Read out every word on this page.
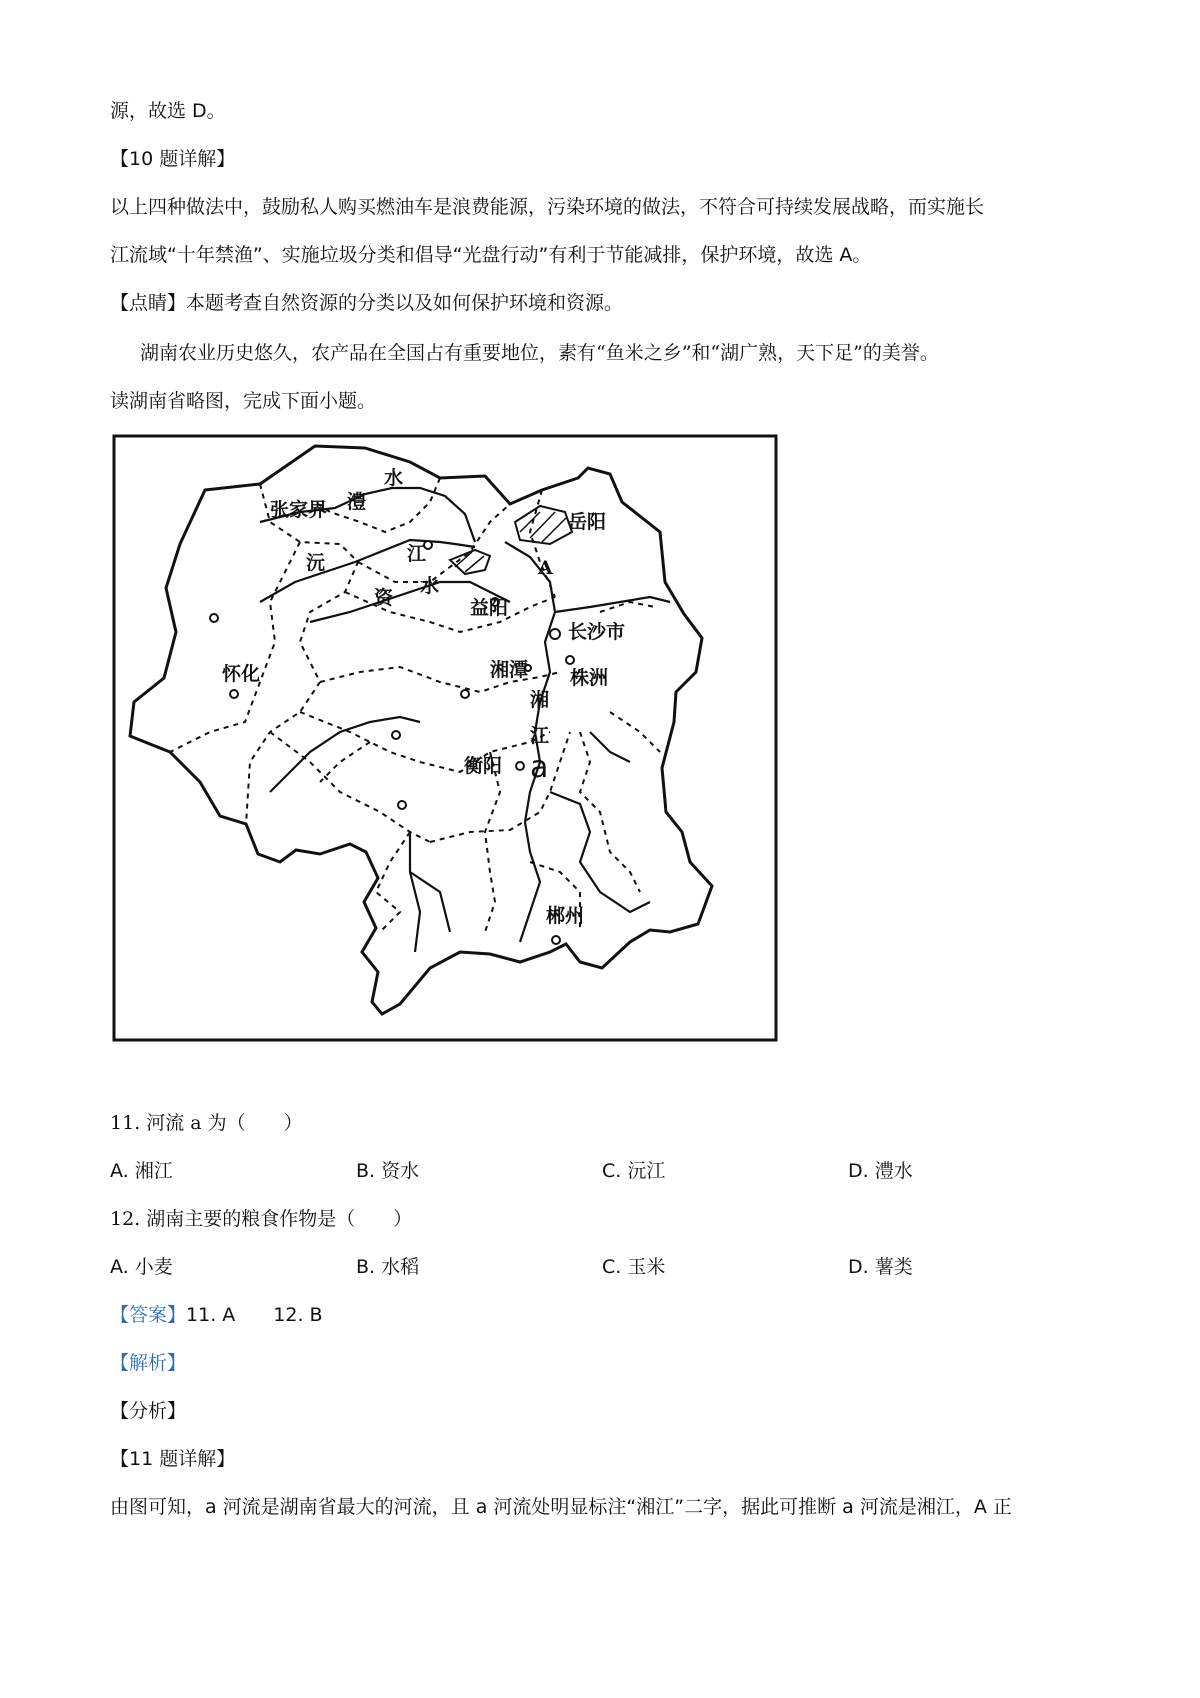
源，故选 D。
【10 题详解】
以上四种做法中，鼓励私人购买燃油车是浪费能源，污染环境的做法，不符合可持续发展战略，而实施长
江流域“十年禁渔”、实施垃圾分类和倡导“光盘行动”有利于节能减排，保护环境，故选 A。
【点睛】本题考查自然资源的分类以及如何保护环境和资源。
湖南农业历史悠久，农产品在全国占有重要地位，素有“鱼米之乡”和“湖广熟，天下足”的美誉。
读湖南省略图，完成下面小题。
张家界 澧
水
沅	江
资
水
岳阳
A
益阳
长沙市
怀化	湘潭 株洲
湘
江
衡阳 a
郴州
11. 河流 a 为（　　）
A. 湘江	B. 资水	C. 沅江	D. 澧水
12. 湖南主要的粮食作物是（　　）
A. 小麦	B. 水稻	C. 玉米	D. 薯类
【答案】11. A　　12. B
【解析】
【分析】
【11 题详解】
由图可知，a 河流是湖南省最大的河流，且 a 河流处明显标注“湘江”二字，据此可推断 a 河流是湘江，A 正
